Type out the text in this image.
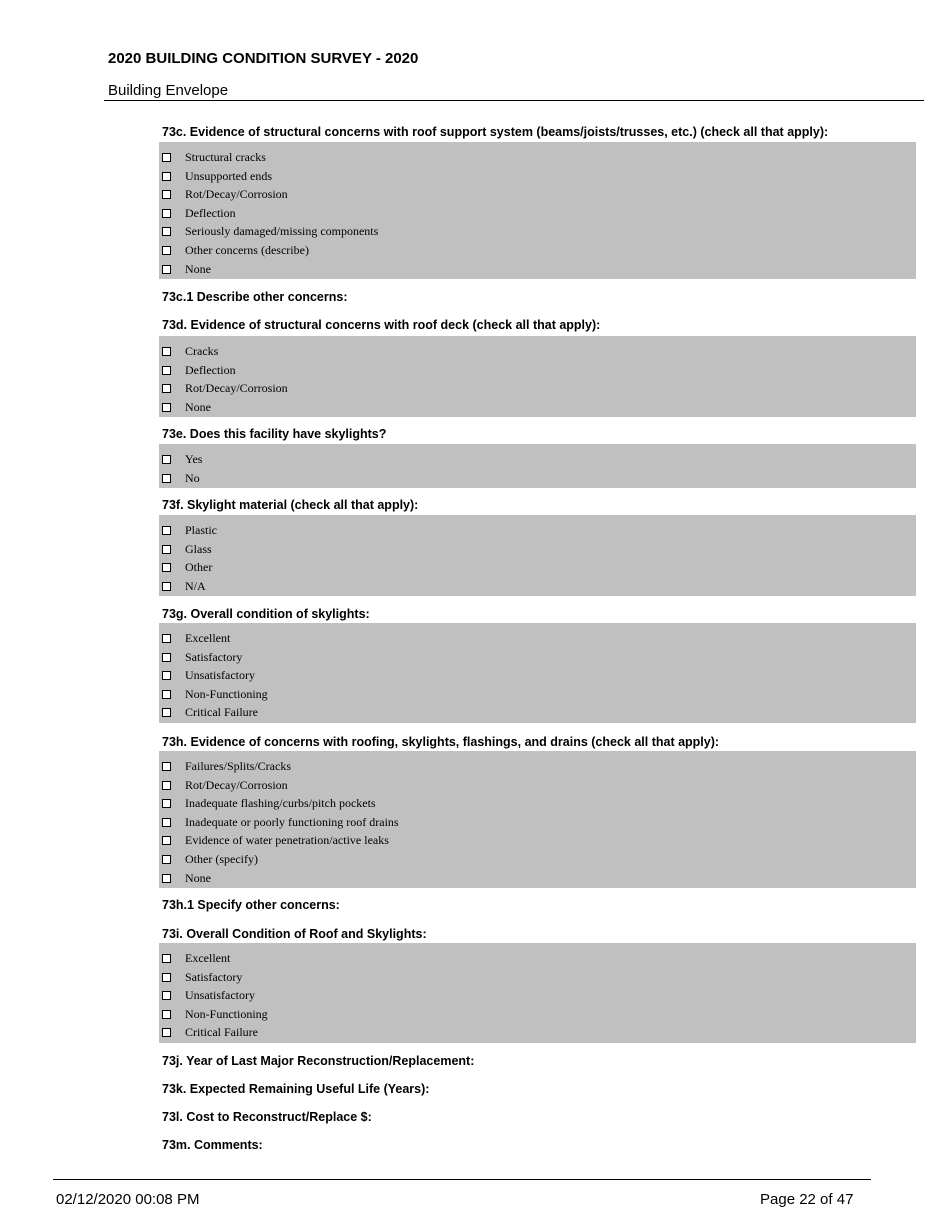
2020 BUILDING CONDITION SURVEY - 2020
Building Envelope
73c. Evidence of structural concerns with roof support system (beams/joists/trusses, etc.) (check all that apply):
Structural cracks
Unsupported ends
Rot/Decay/Corrosion
Deflection
Seriously damaged/missing components
Other concerns (describe)
None
73c.1 Describe other concerns:
73d. Evidence of structural concerns with roof deck (check all that apply):
Cracks
Deflection
Rot/Decay/Corrosion
None
73e. Does this facility have skylights?
Yes
No
73f. Skylight material (check all that apply):
Plastic
Glass
Other
N/A
73g. Overall condition of skylights:
Excellent
Satisfactory
Unsatisfactory
Non-Functioning
Critical Failure
73h. Evidence of concerns with roofing, skylights, flashings, and drains (check all that apply):
Failures/Splits/Cracks
Rot/Decay/Corrosion
Inadequate flashing/curbs/pitch pockets
Inadequate or poorly functioning roof drains
Evidence of water penetration/active leaks
Other (specify)
None
73h.1 Specify other concerns:
73i. Overall Condition of Roof and Skylights:
Excellent
Satisfactory
Unsatisfactory
Non-Functioning
Critical Failure
73j. Year of Last Major Reconstruction/Replacement:
73k. Expected Remaining Useful Life (Years):
73l. Cost to Reconstruct/Replace $:
73m. Comments:
02/12/2020 00:08 PM	Page 22 of 47
